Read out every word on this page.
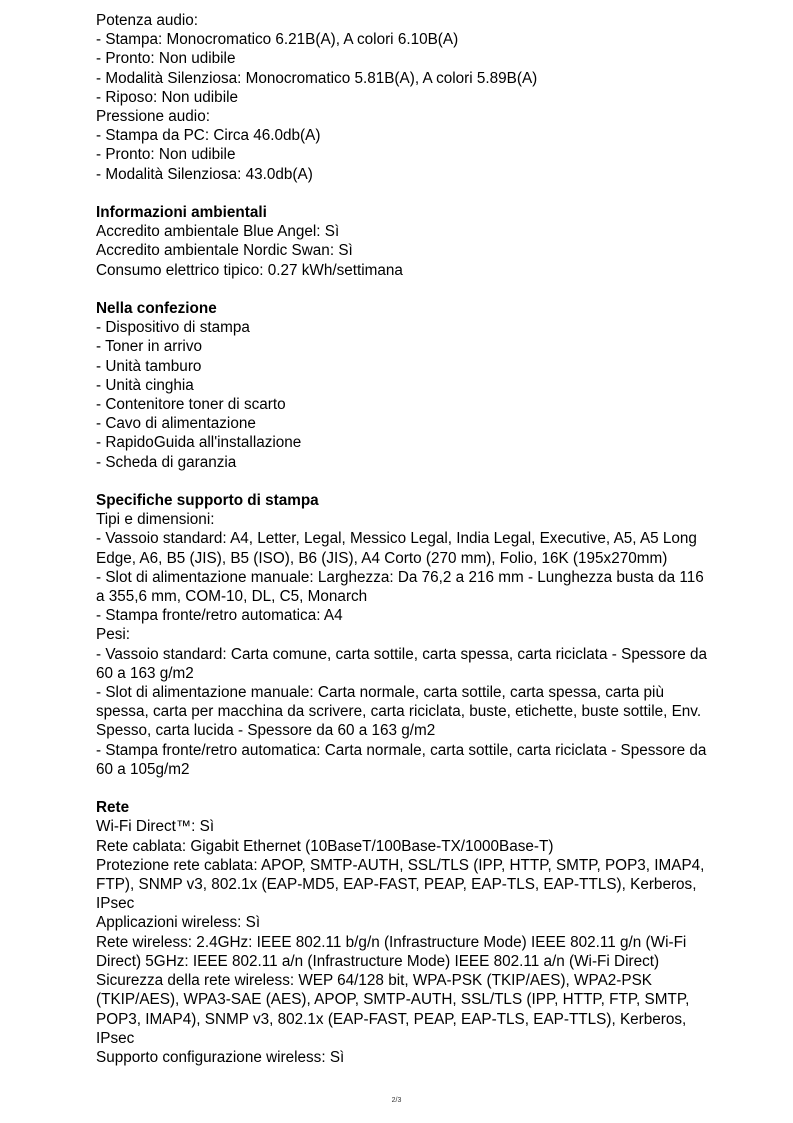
Potenza audio:
- Stampa: Monocromatico 6.21B(A), A colori 6.10B(A)
- Pronto: Non udibile
- Modalità Silenziosa: Monocromatico 5.81B(A), A colori 5.89B(A)
- Riposo: Non udibile
Pressione audio:
- Stampa da PC: Circa 46.0db(A)
- Pronto: Non udibile
- Modalità Silenziosa: 43.0db(A)
Informazioni ambientali
Accredito ambientale Blue Angel: Sì
Accredito ambientale Nordic Swan: Sì
Consumo elettrico tipico: 0.27 kWh/settimana
Nella confezione
- Dispositivo di stampa
- Toner in arrivo
- Unità tamburo
- Unità cinghia
- Contenitore toner di scarto
- Cavo di alimentazione
- RapidoGuida all'installazione
- Scheda di garanzia
Specifiche supporto di stampa
Tipi e dimensioni:
- Vassoio standard: A4, Letter, Legal, Messico Legal, India Legal, Executive, A5, A5 Long
Edge, A6, B5 (JIS), B5 (ISO), B6 (JIS), A4 Corto (270 mm), Folio, 16K (195x270mm)
- Slot di alimentazione manuale: Larghezza: Da 76,2 a 216 mm - Lunghezza busta da 116
a 355,6 mm, COM-10, DL, C5, Monarch
- Stampa fronte/retro automatica: A4
Pesi:
- Vassoio standard: Carta comune, carta sottile, carta spessa, carta riciclata - Spessore da
60 a 163 g/m2
- Slot di alimentazione manuale: Carta normale, carta sottile, carta spessa, carta più
spessa, carta per macchina da scrivere, carta riciclata, buste, etichette, buste sottile, Env.
Spesso, carta lucida - Spessore da 60 a 163 g/m2
- Stampa fronte/retro automatica: Carta normale, carta sottile, carta riciclata - Spessore da
60 a 105g/m2
Rete
Wi-Fi Direct™: Sì
Rete cablata: Gigabit Ethernet (10BaseT/100Base-TX/1000Base-T)
Protezione rete cablata: APOP, SMTP-AUTH, SSL/TLS (IPP, HTTP, SMTP, POP3, IMAP4,
FTP), SNMP v3, 802.1x (EAP-MD5, EAP-FAST, PEAP, EAP-TLS, EAP-TTLS), Kerberos,
IPsec
Applicazioni wireless: Sì
Rete wireless: 2.4GHz: IEEE 802.11 b/g/n (Infrastructure Mode) IEEE 802.11 g/n (Wi-Fi
Direct) 5GHz: IEEE 802.11 a/n (Infrastructure Mode) IEEE 802.11 a/n (Wi-Fi Direct)
Sicurezza della rete wireless: WEP 64/128 bit, WPA-PSK (TKIP/AES), WPA2-PSK
(TKIP/AES), WPA3-SAE (AES), APOP, SMTP-AUTH, SSL/TLS (IPP, HTTP, FTP, SMTP,
POP3, IMAP4), SNMP v3, 802.1x (EAP-FAST, PEAP, EAP-TLS, EAP-TTLS), Kerberos,
IPsec
Supporto configurazione wireless: Sì
2/3
